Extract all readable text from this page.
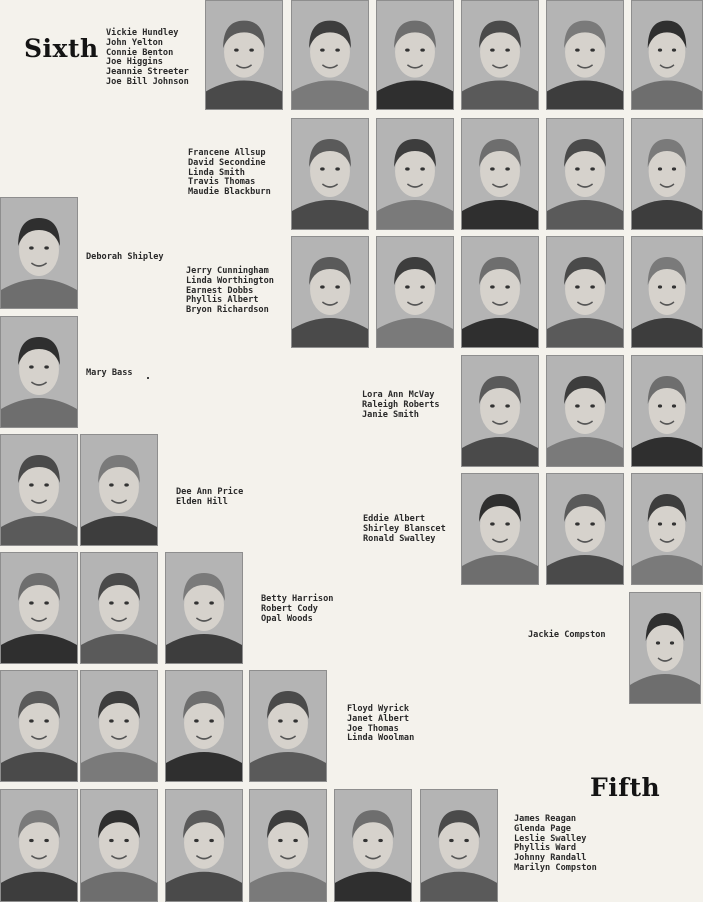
Sixth
Fifth
Vickie Hundley
John Yelton
Connie Benton
Joe Higgins
Jeannie Streeter
Joe Bill Johnson
Francene Allsup
David Secondine
Linda Smith
Travis Thomas
Maudie Blackburn
Deborah Shipley
Jerry Cunningham
Linda Worthington
Earnest Dobbs
Phyllis Albert
Bryon Richardson
Mary Bass
Lora Ann McVay
Raleigh Roberts
Janie Smith
Dee Ann Price
Elden Hill
Eddie Albert
Shirley Blanscet
Ronald Swalley
Jackie Compston
Betty Harrison
Robert Cody
Opal Woods
Floyd Wyrick
Janet Albert
Joe Thomas
Linda Woolman
James Reagan
Glenda Page
Leslie Swalley
Phyllis Ward
Johnny Randall
Marilyn Compston
